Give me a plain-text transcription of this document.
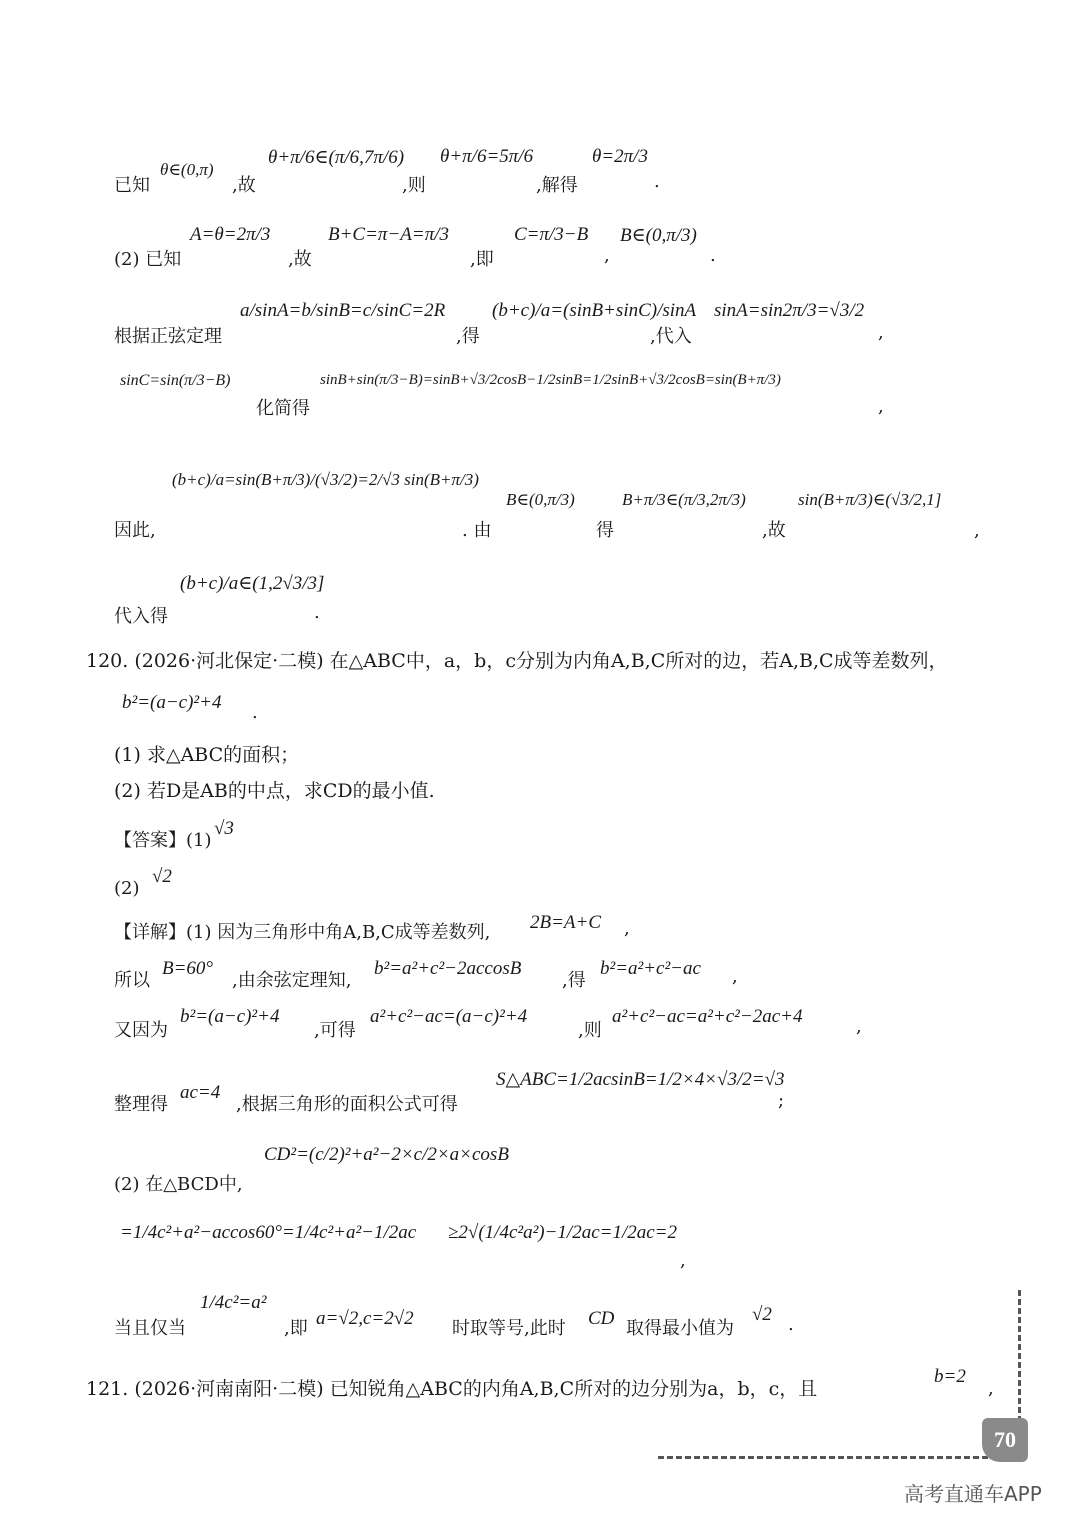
已知
θ∈(0,π)
,故
θ+π/6∈(π/6,7π/6)
,则
θ+π/6=5π/6
,解得
θ=2π/3
.
(2) 已知
A=θ=2π/3
,故
B+C=π−A=π/3
,即
C=π/3−B
,
B∈(0,π/3)
.
根据正弦定理
a/sinA=b/sinB=c/sinC=2R
,得
(b+c)/a=(sinB+sinC)/sinA
,代入
sinA=sin2π/3=√3/2
,
sinC=sin(π/3−B)
化简得
sinB+sin(π/3−B)=sinB+√3/2cosB−1/2sinB=1/2sinB+√3/2cosB=sin(B+π/3)
,
因此,
(b+c)/a=sin(B+π/3)/(√3/2)=2/√3 sin(B+π/3)
. 由
B∈(0,π/3)
得
B+π/3∈(π/3,2π/3)
,故
sin(B+π/3)∈(√3/2,1]
,
代入得
(b+c)/a∈(1,2√3/3]
.
120. (2026·河北保定·二模) 在△ABC中，a，b，c分别为内角A,B,C所对的边，若A,B,C成等差数列，
b²=(a−c)²+4 .
(1) 求△ABC的面积；
(2) 若D是AB的中点，求CD的最小值.
【答案】(1)
√3
(2)
√2
【详解】(1) 因为三角形中角A,B,C成等差数列, 2B=A+C ,
所以
B=60°
,由余弦定理知,
b²=a²+c²−2accosB
,得
b²=a²+c²−ac ,
又因为
b²=(a−c)²+4
,可得
a²+c²−ac=(a−c)²+4
,则
a²+c²−ac=a²+c²−2ac+4	,
整理得
ac=4
,根据三角形的面积公式可得
S△ABC=1/2acsinB=1/2×4×√3/2=√3
;
(2) 在△BCD中,
CD²=(c/2)²+a²−2×c/2×a×cosB
=1/4c²+a²−accos60°=1/4c²+a²−1/2ac ≥2√(1/4c²a²)−1/2ac=1/2ac=2
,
当且仅当
1/4c²=a²
,即 a=√2,c=2√2 时取等号,此时 CD 取得最小值为
√2 .
121. (2026·河南南阳·二模) 已知锐角△ABC的内角A,B,C所对的边分别为a，b，c，且
b=2
,
70
高考直通车APP
